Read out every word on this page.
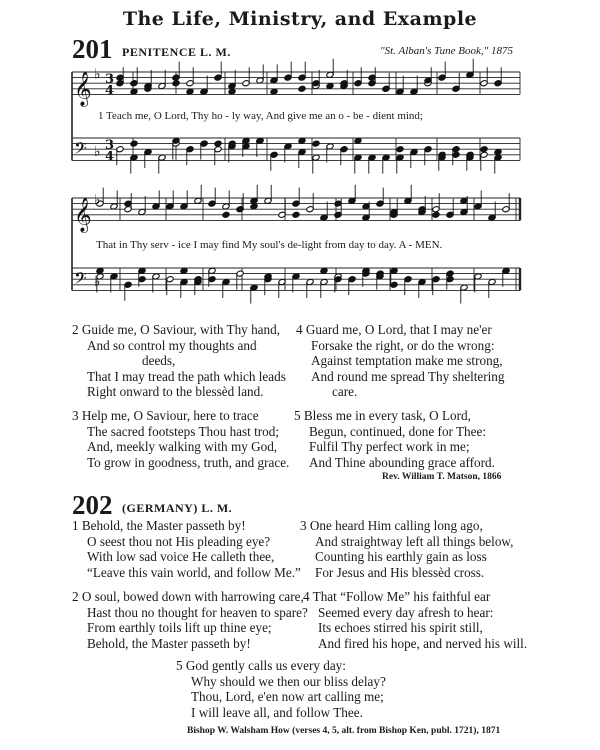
The Life, Ministry, and Example
201 PENITENCE L. M.	"St. Alban's Tune Book," 1875
𝄞 ♭ 3
4
𝄢 ♭ 3
4
𝄞 ♭
𝄢 ♭
1 Teach me, O Lord, Thy ho - ly way, And give me an o - be - dient mind;
That in Thy serv - ice I may find My soul's de-light from day to day. A - MEN.
2 Guide me, O Saviour, with Thy hand,
And so control my thoughts and
deeds,
That I may tread the path which leads
Right onward to the blessèd land.
4 Guard me, O Lord, that I may ne'er
Forsake the right, or do the wrong:
Against temptation make me strong,
And round me spread Thy sheltering
care.
3 Help me, O Saviour, here to trace
The sacred footsteps Thou hast trod;
And, meekly walking with my God,
To grow in goodness, truth, and grace.
5 Bless me in every task, O Lord,
Begun, continued, done for Thee:
Fulfil Thy perfect work in me;
And Thine abounding grace afford.
Rev. William T. Matson, 1866
202 (GERMANY) L. M.
1 Behold, the Master passeth by!
O seest thou not His pleading eye?
With low sad voice He calleth thee,
“Leave this vain world, and follow Me.”
3 One heard Him calling long ago,
And straightway left all things below,
Counting his earthly gain as loss
For Jesus and His blessèd cross.
2 O soul, bowed down with harrowing care,
Hast thou no thought for heaven to spare?
From earthly toils lift up thine eye;
Behold, the Master passeth by!
4 That “Follow Me” his faithful ear
Seemed every day afresh to hear:
Its echoes stirred his spirit still,
And fired his hope, and nerved his will.
5 God gently calls us every day:
Why should we then our bliss delay?
Thou, Lord, e'en now art calling me;
I will leave all, and follow Thee.
Bishop W. Walsham How (verses 4, 5, alt. from Bishop Ken, publ. 1721), 1871
